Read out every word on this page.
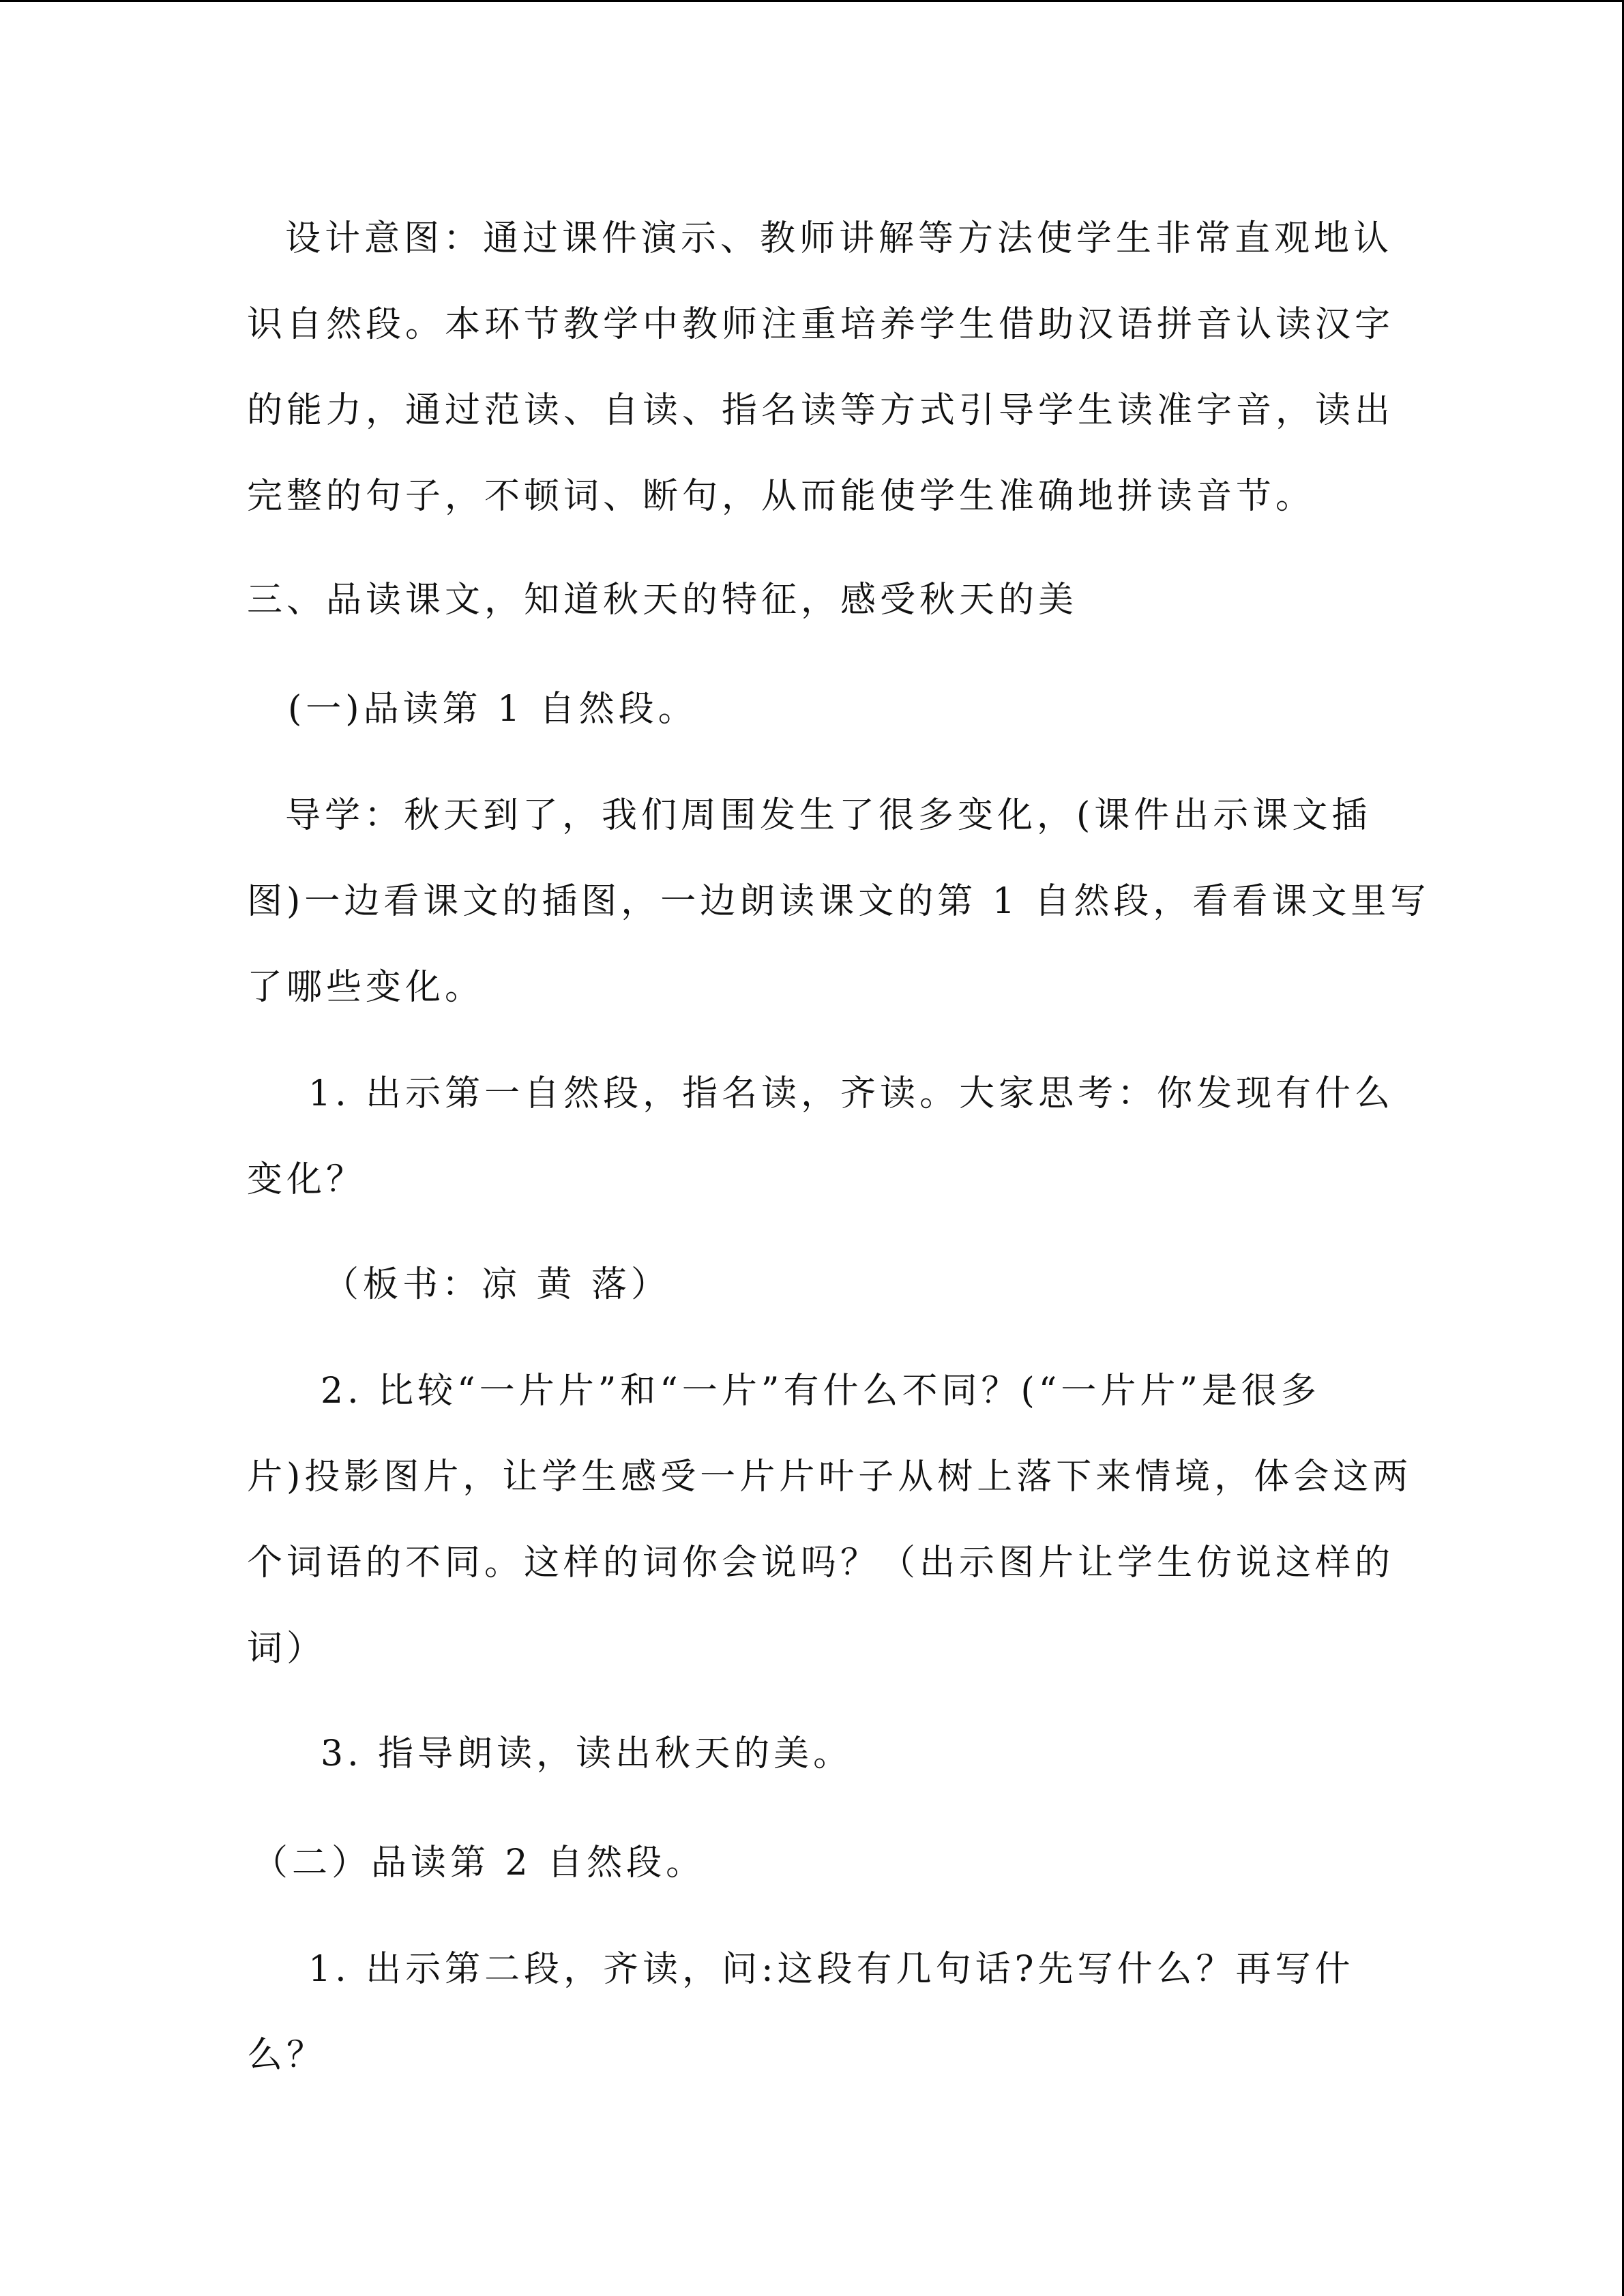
设计意图：通过课件演示、教师讲解等方法使学生非常直观地认
识自然段。本环节教学中教师注重培养学生借助汉语拼音认读汉字
的能力，通过范读、自读、指名读等方式引导学生读准字音，读出
完整的句子，不顿词、断句，从而能使学生准确地拼读音节。
三、品读课文，知道秋天的特征，感受秋天的美
(一)品读第 1 自然段。
导学：秋天到了，我们周围发生了很多变化，(课件出示课文插
图)一边看课文的插图，一边朗读课文的第 1 自然段，看看课文里写
了哪些变化。
1. 出示第一自然段，指名读，齐读。大家思考：你发现有什么
变化？
（板书：凉 黄 落）
2. 比较“一片片”和“一片”有什么不同？(“一片片”是很多
片)投影图片，让学生感受一片片叶子从树上落下来情境，体会这两
个词语的不同。这样的词你会说吗？（出示图片让学生仿说这样的
词）
3. 指导朗读，读出秋天的美。
（二）品读第 2 自然段。
1. 出示第二段，齐读，问:这段有几句话?先写什么？再写什
么？
